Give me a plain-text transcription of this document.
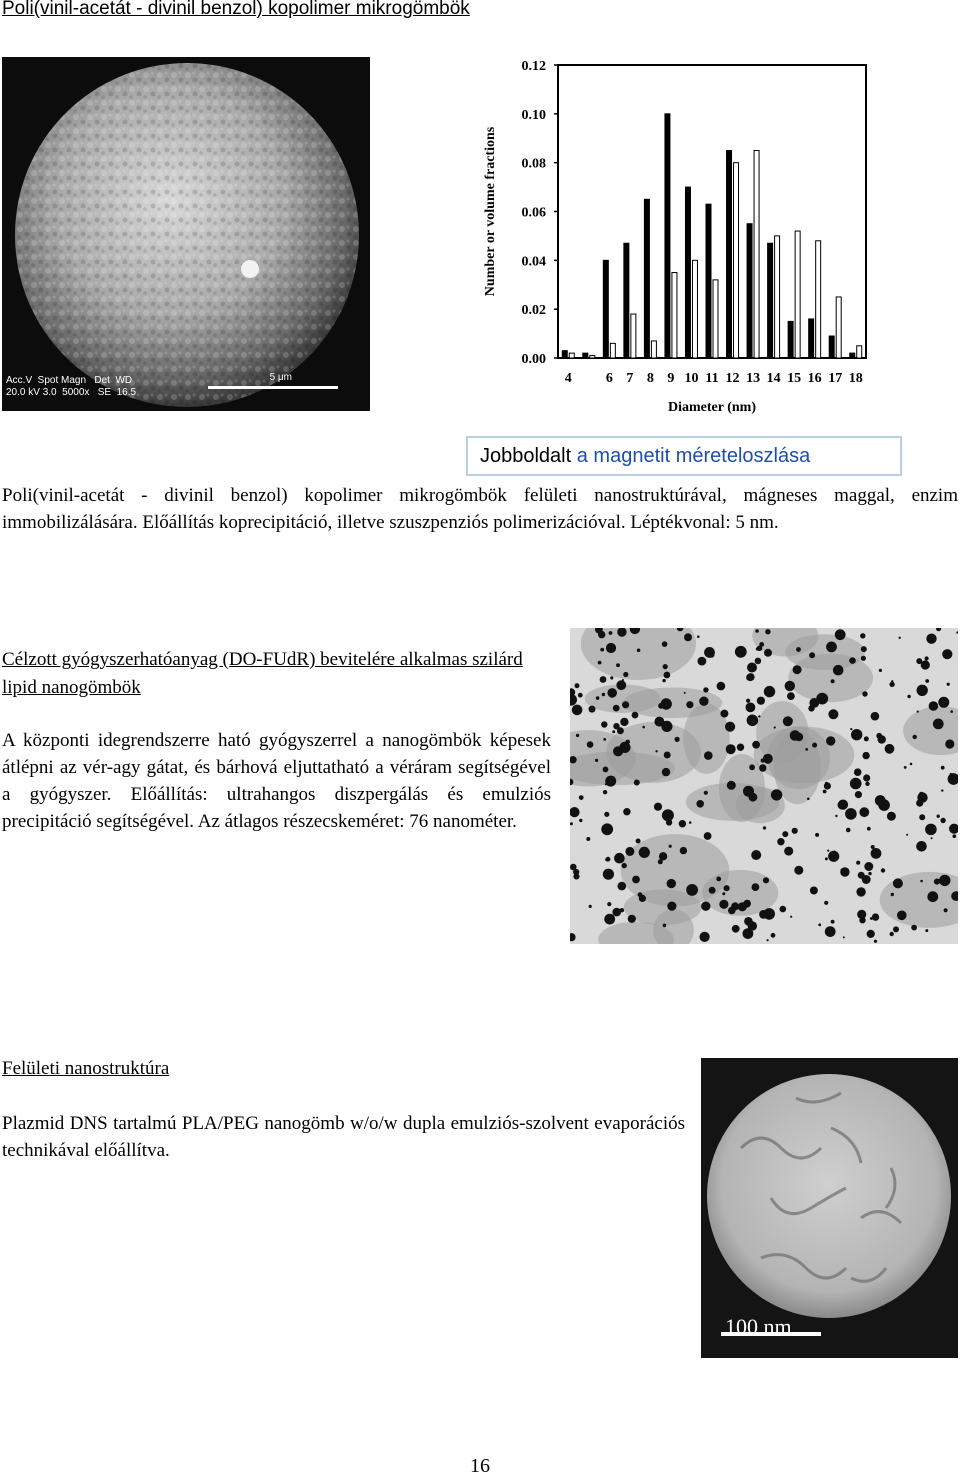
Poli(vinil-acetát - divinil benzol) kopolimer mikrogömbök
Acc.V  Spot Magn   Det  WD
20.0 kV 3.0  5000x   SE  16.5
5 μm
0.00
0.02
0.04
0.06
0.08
0.10
0.12
4 6 7 8 9 10 11 12 13 14 15 16 17 18
Diameter (nm)
Number or volume fractions
Jobboldalt a magnetit méreteloszlása
Poli(vinil-acetát - divinil benzol) kopolimer mikrogömbök felületi nanostruktúrával, mágneses maggal, enzim immobilizálására. Előállítás koprecipitáció, illetve szuszpenziós polimerizációval. Léptékvonal: 5 nm.
Célzott gyógyszerhatóanyag (DO-FUdR) bevitelére alkalmas szilárd lipid nanogömbök
A központi idegrendszerre ható gyógyszerrel a nanogömbök képesek átlépni az vér-agy gátat, és bárhová eljuttatható a véráram segítségével a gyógyszer. Előállítás: ultrahangos diszpergálás és emulziós precipitáció segítségével. Az átlagos részecskeméret: 76 nanométer.
Felületi nanostruktúra
Plazmid DNS tartalmú PLA/PEG nanogömb w/o/w dupla emulziós-szolvent evaporációs technikával előállítva.
100 nm
16
